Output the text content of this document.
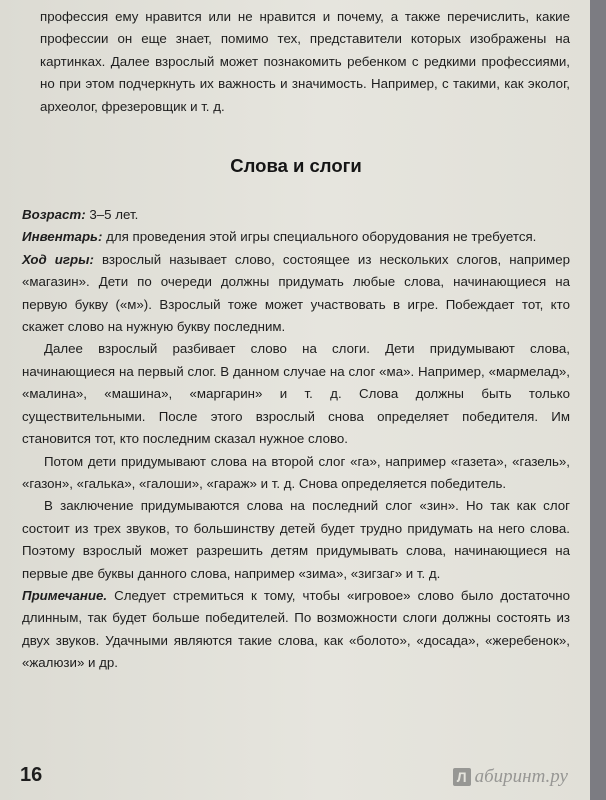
профессия ему нравится или не нравится и почему, а также перечислить, какие профессии он еще знает, помимо тех, представители которых изображены на картинках. Далее взрослый может познакомить ребенком с редкими профессиями, но при этом подчеркнуть их важность и значимость. Например, с такими, как эколог, археолог, фрезеровщик и т. д.

Слова и слоги

Возраст: 3–5 лет.

Инвентарь: для проведения этой игры специального оборудования не требуется.

Ход игры: взрослый называет слово, состоящее из нескольких слогов, например «магазин». Дети по очереди должны придумать любые слова, начинающиеся на первую букву («м»). Взрослый тоже может участвовать в игре. Побеждает тот, кто скажет слово на нужную букву последним.

Далее взрослый разбивает слово на слоги. Дети придумывают слова, начинающиеся на первый слог. В данном случае на слог «ма». Например, «мармелад», «малина», «машина», «маргарин» и т. д. Слова должны быть только существительными. После этого взрослый снова определяет победителя. Им становится тот, кто последним сказал нужное слово.

Потом дети придумывают слова на второй слог «га», например «газета», «газель», «газон», «галька», «галоши», «гараж» и т. д. Снова определяется победитель.

В заключение придумываются слова на последний слог «зин». Но так как слог состоит из трех звуков, то большинству детей будет трудно придумать на него слова. Поэтому взрослый может разрешить детям придумывать слова, начинающиеся на первые две буквы данного слова, например «зима», «зигзаг» и т. д.

Примечание. Следует стремиться к тому, чтобы «игровое» слово было достаточно длинным, так будет больше победителей. По возможности слоги должны состоять из двух звуков. Удачными являются такие слова, как «болото», «досада», «жеребенок», «жалюзи» и др.

16	Л абиринт.ру
